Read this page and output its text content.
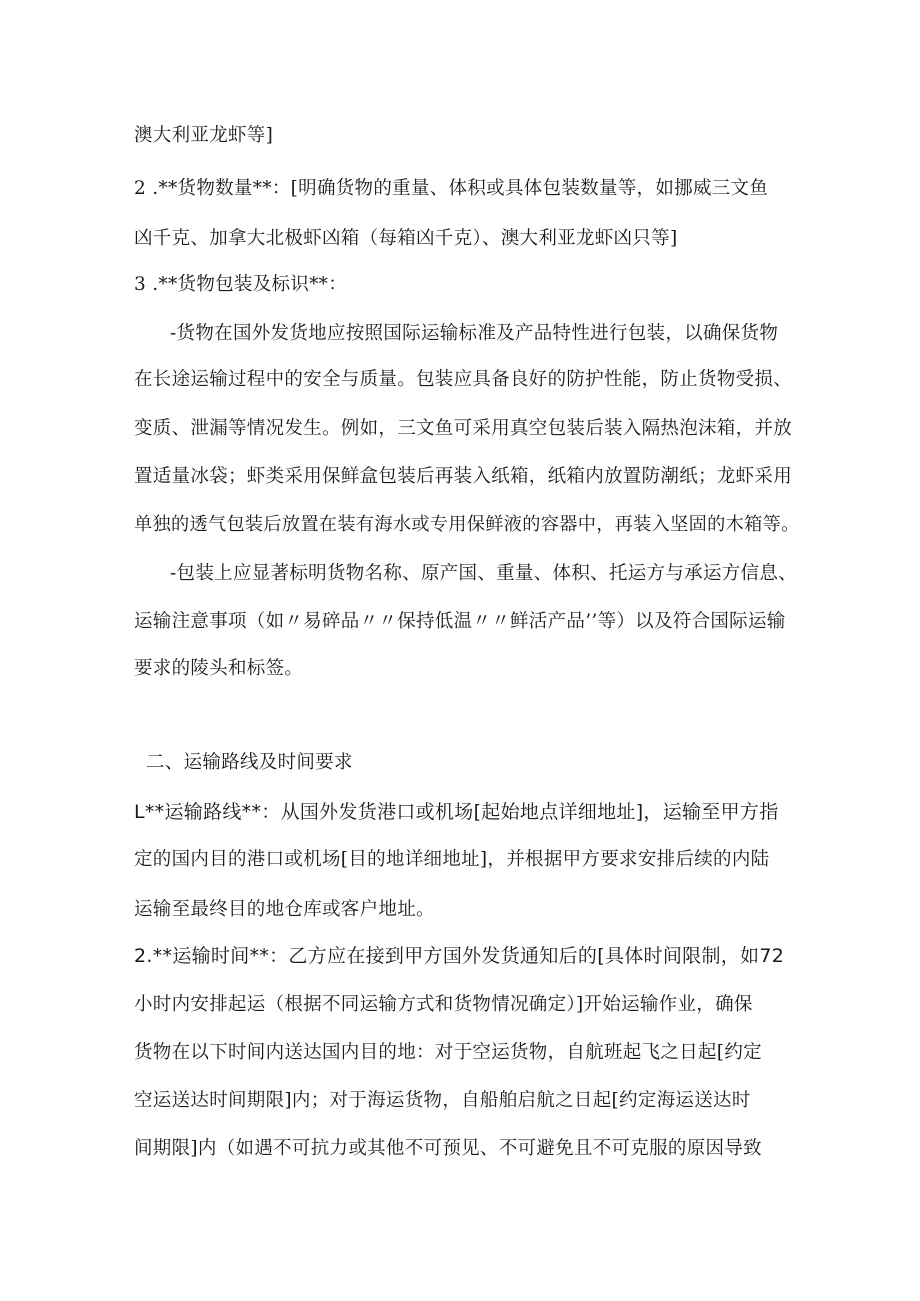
澳大利亚龙虾等]

2 .**货物数量**：[明确货物的重量、体积或具体包装数量等，如挪威三文鱼

凶千克、加拿大北极虾凶箱（每箱凶千克）、澳大利亚龙虾凶只等]

3 .**货物包装及标识**：

-货物在国外发货地应按照国际运输标准及产品特性进行包装，以确保货物

在长途运输过程中的安全与质量。包装应具备良好的防护性能，防止货物受损、

变质、泄漏等情况发生。例如，三文鱼可采用真空包装后装入隔热泡沫箱，并放

置适量冰袋；虾类采用保鲜盒包装后再装入纸箱，纸箱内放置防潮纸；龙虾采用

单独的透气包装后放置在装有海水或专用保鲜液的容器中，再装入坚固的木箱等。

-包装上应显著标明货物名称、原产国、重量、体积、托运方与承运方信息、

运输注意事项（如〃易碎品〃〃保持低温〃〃鲜活产品’’等）以及符合国际运输

要求的陵头和标签。

二、运输路线及时间要求

L**运输路线**：从国外发货港口或机场[起始地点详细地址]，运输至甲方指

定的国内目的港口或机场[目的地详细地址]，并根据甲方要求安排后续的内陆

运输至最终目的地仓库或客户地址。

2.**运输时间**：乙方应在接到甲方国外发货通知后的[具体时间限制，如72

小时内安排起运（根据不同运输方式和货物情况确定）]开始运输作业，确保

货物在以下时间内送达国内目的地：对于空运货物，自航班起飞之日起[约定

空运送达时间期限]内；对于海运货物，自船舶启航之日起[约定海运送达时

间期限]内（如遇不可抗力或其他不可预见、不可避免且不可克服的原因导致
